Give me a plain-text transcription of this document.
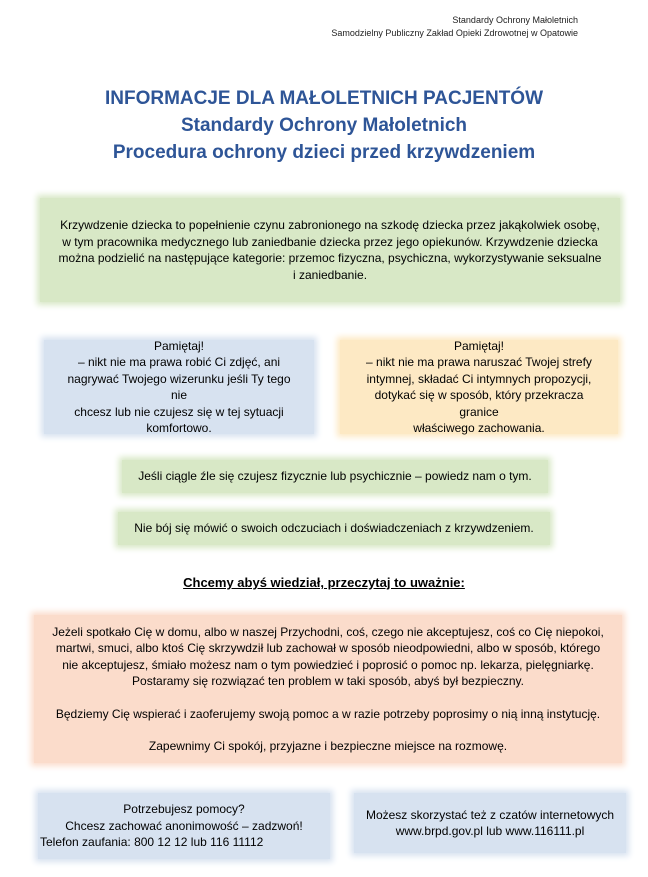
Standardy Ochrony Małoletnich
Samodzielny Publiczny Zakład Opieki Zdrowotnej w Opatowie
INFORMACJE DLA MAŁOLETNICH PACJENTÓW
Standardy Ochrony Małoletnich
Procedura ochrony dzieci przed krzywdzeniem
Krzywdzenie dziecka to popełnienie czynu zabronionego na szkodę dziecka przez jakąkolwiek osobę,
w tym pracownika medycznego lub zaniedbanie dziecka przez jego opiekunów. Krzywdzenie dziecka
można podzielić na następujące kategorie: przemoc fizyczna, psychiczna, wykorzystywanie seksualne
i zaniedbanie.
Pamiętaj!
– nikt nie ma prawa robić Ci zdjęć, ani
nagrywać Twojego wizerunku jeśli Ty tego nie
chcesz lub nie czujesz się w tej sytuacji
komfortowo.
Pamiętaj!
– nikt nie ma prawa naruszać Twojej strefy
intymnej, składać Ci intymnych propozycji,
dotykać się w sposób, który przekracza granice
właściwego zachowania.
Jeśli ciągle źle się czujesz fizycznie lub psychicznie – powiedz nam o tym.
Nie bój się mówić o swoich odczuciach i doświadczeniach z krzywdzeniem.
Chcemy abyś wiedział, przeczytaj to uważnie:

Jeżeli spotkało Cię w domu, albo w naszej Przychodni, coś, czego nie akceptujesz, coś co Cię niepokoi,

martwi, smuci, albo ktoś Cię skrzywdził lub zachował w sposób nieodpowiedni, albo w sposób, którego

nie akceptujesz, śmiało możesz nam o tym powiedzieć i poprosić o pomoc np. lekarza, pielęgniarkę.

Postaramy się rozwiązać ten problem w taki sposób, abyś był bezpieczny.

Będziemy Cię wspierać i zaoferujemy swoją pomoc a w razie potrzeby poprosimy o nią inną instytucję.

Zapewnimy Ci spokój, przyjazne i bezpieczne miejsce na rozmowę.

Potrzebujesz pomocy?
Chcesz zachować anonimowość – zadzwoń!
Telefon zaufania: 800 12 12 lub 116 11112
Możesz skorzystać też z czatów internetowych
www.brpd.gov.pl lub www.116111.pl
